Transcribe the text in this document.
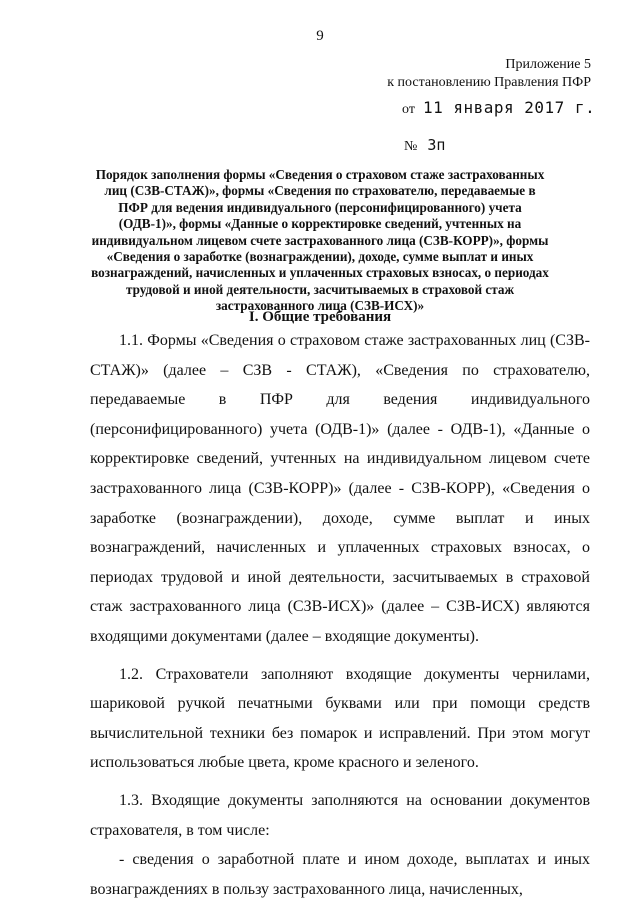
9
Приложение 5
к постановлению Правления ПФР
от 11 января 2017 г.
№ 3п
Порядок заполнения формы «Сведения о страховом стаже застрахованных лиц (СЗВ-СТАЖ)», формы «Сведения по страхователю, передаваемые в ПФР для ведения индивидуального (персонифицированного) учета (ОДВ-1)», формы «Данные о корректировке сведений, учтенных на индивидуальном лицевом счете застрахованного лица (СЗВ-КОРР)», формы «Сведения о заработке (вознаграждении), доходе, сумме выплат и иных вознаграждений, начисленных и уплаченных страховых взносах, о периодах трудовой и иной деятельности, засчитываемых в страховой стаж застрахованного лица (СЗВ-ИСХ)»
I. Общие требования

1.1. Формы «Сведения о страховом стаже застрахованных лиц (СЗВ-СТАЖ)» (далее – СЗВ - СТАЖ), «Сведения по страхователю, передаваемые в ПФР для ведения индивидуального (персонифицированного) учета (ОДВ-1)» (далее - ОДВ-1), «Данные о корректировке сведений, учтенных на индивидуальном лицевом счете застрахованного лица (СЗВ-КОРР)» (далее - СЗВ-КОРР), «Сведения о заработке (вознаграждении), доходе, сумме выплат и иных вознаграждений, начисленных и уплаченных страховых взносах, о периодах трудовой и иной деятельности, засчитываемых в страховой стаж застрахованного лица (СЗВ-ИСХ)» (далее – СЗВ-ИСХ) являются входящими документами (далее – входящие документы).

1.2. Страхователи заполняют входящие документы чернилами, шариковой ручкой печатными буквами или при помощи средств вычислительной техники без помарок и исправлений. При этом могут использоваться любые цвета, кроме красного и зеленого.

1.3. Входящие документы заполняются на основании документов страхователя, в том числе:

- сведения о заработной плате и ином доходе, выплатах и иных вознаграждениях в пользу застрахованного лица, начисленных,
